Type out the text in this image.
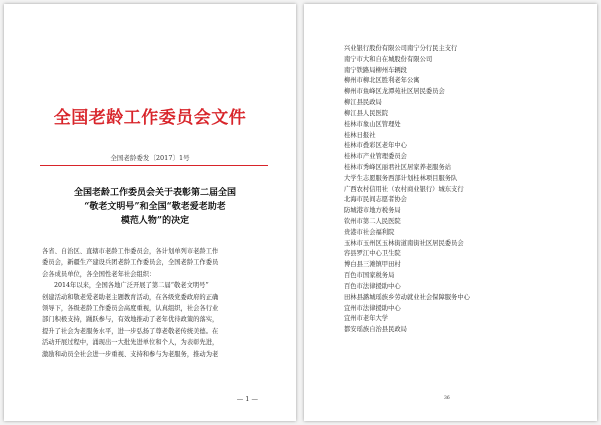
全国老龄工作委员会文件
全国老龄委发〔2017〕1号
全国老龄工作委员会关于表彰第二届全国
“敬老文明号”和全国“敬老爱老助老
模范人物”的决定
各省、自治区、直辖市老龄工作委员会，各计划单列市老龄工作
委员会，新疆生产建设兵团老龄工作委员会，全国老龄工作委员
会各成员单位，各全国性老年社会组织：
2014年以来，全国各地广泛开展了第二届“敬老文明号”
创建活动和敬老爱老助老主题教育活动，在各级党委政府的正确
领导下，各级老龄工作委员会高度重视，认真组织，社会各行业
部门积极支持，踊跃参与，有效地推动了老年优待政策的落实，
提升了社会为老服务水平，进一步弘扬了尊老敬老传统美德。在
活动开展过程中，涌现出一大批先进单位和个人，为表彰先进，
激励和动员全社会进一步重视、支持和参与为老服务，推动为老
— 1 —
兴业银行股份有限公司南宁分行民主支行
南宁市大和自在城股份有限公司
南宁铁路局柳州车辆段
柳州市柳北区胜利老年公寓
柳州市鱼峰区龙潭苑社区居民委员会
柳江县民政局
柳江县人民医院
桂林市象山区管理处
桂林日报社
桂林市叠彩区老年中心
桂林市产业管理委员会
桂林市秀峰区丽君社区居家养老服务站
大学生志愿服务西部计划桂林项目服务队
广西农村信用社（农村商业银行）城东支行
北海市民间志愿者协会
防城港市地方税务局
钦州市第二人民医院
贵港市社会福利院
玉林市玉州区玉林街道南街社区居民委员会
容县罗江中心卫生院
博白县三滩镇甲田村
百色市国家税务局
百色市法律援助中心
田林县潞城瑶族乡劳动就业社会保障服务中心
宜州市法律援助中心
宜州市老年大学
都安瑶族自治县民政局
36
